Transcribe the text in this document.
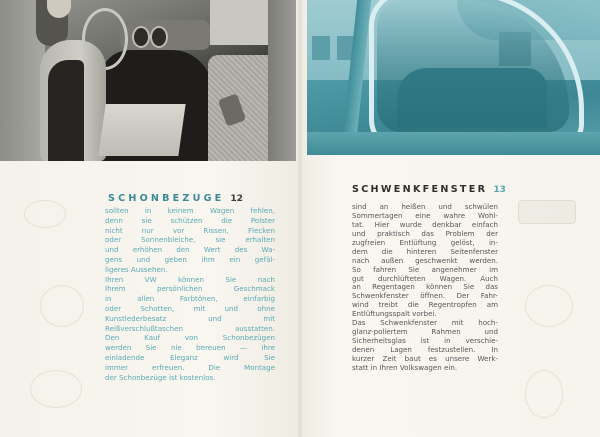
SCHONBEZUGE 12
sollten in keinem Wagen fehlen,
denn sie schützen die Polster
nicht nur vor Rissen, Flecken
oder Sonnenbleiche, sie erhalten
und erhöhen den Wert des Wa-
gens und geben ihm ein gefäl-
ligeres Aussehen.
Ihren VW können Sie nach
Ihrem persönlichen Geschmack
in allen Farbtönen, einfarbig
oder Schotten, mit und ohne
Kunstlederbesatz und mit
Reißverschlußtaschen ausstatten.
Den Kauf von Schonbezügen
werden Sie nie bereuen — ihre
einladende Eleganz wird Sie
immer erfreuen. Die Montage
der Schonbezüge ist kostenlos.
SCHWENKFENSTER 13
sind an heißen und schwülen
Sommertagen eine wahre Wohl-
tat. Hier wurde denkbar einfach
und praktisch das Problem der
zugfreien Entlüftung gelöst, in-
dem die hinteren Seitenfenster
nach außen geschwenkt werden.
So fahren Sie angenehmer im
gut durchlüfteten Wagen. Auch
an Regentagen können Sie das
Schwenkfenster öffnen. Der Fahr-
wind treibt die Regentropfen am
Entlüftungsspalt vorbei.
Das Schwenkfenster mit hoch-
glanz-poliertem Rahmen und
Sicherheitsglas ist in verschie-
denen Lagen festzustellen. In
kurzer Zeit baut es unsere Werk-
statt in Ihren Volkswagen ein.
